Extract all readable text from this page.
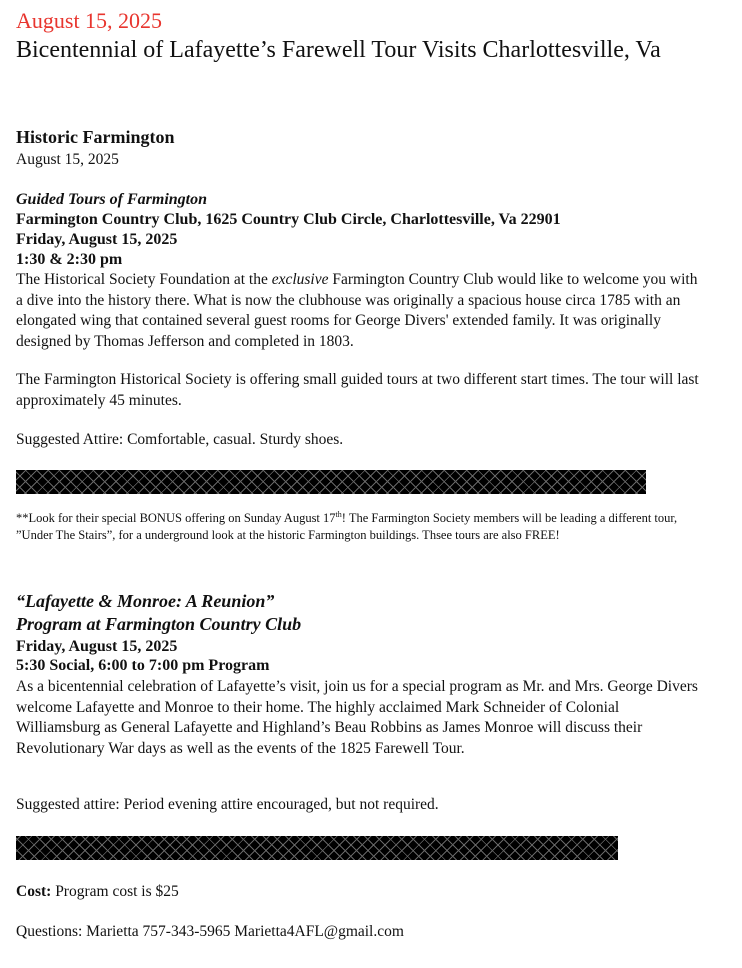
August 15, 2025

Bicentennial of Lafayette’s Farewell Tour Visits Charlottesville, Va
Historic Farmington
August 15, 2025
Guided Tours of Farmington
Farmington Country Club, 1625 Country Club Circle, Charlottesville, Va 22901
Friday, August 15, 2025
1:30 & 2:30 pm
The Historical Society Foundation at the exclusive Farmington Country Club would like to welcome you with a dive into the history there. What is now the clubhouse was originally a spacious house circa 1785 with an elongated wing that contained several guest rooms for George Divers' extended family. It was originally designed by Thomas Jefferson and completed in 1803.
The Farmington Historical Society is offering small guided tours at two different start times. The tour will last approximately 45 minutes.
Suggested Attire: Comfortable, casual. Sturdy shoes.
**Look for their special BONUS offering on Sunday August 17th! The Farmington Society members will be leading a different tour, ”Under The Stairs”, for a underground look at the historic Farmington buildings. Thsee tours are also FREE!
“Lafayette & Monroe: A Reunion”
Program at Farmington Country Club
Friday, August 15, 2025
5:30 Social, 6:00 to 7:00 pm Program
As a bicentennial celebration of Lafayette’s visit, join us for a special program as Mr. and Mrs. George Divers welcome Lafayette and Monroe to their home. The highly acclaimed Mark Schneider of Colonial Williamsburg as General Lafayette and Highland’s Beau Robbins as James Monroe will discuss their Revolutionary War days as well as the events of the 1825 Farewell Tour.
Suggested attire: Period evening attire encouraged, but not required.
Cost: Program cost is $25
Questions: Marietta 757-343-5965 Marietta4AFL@gmail.com
